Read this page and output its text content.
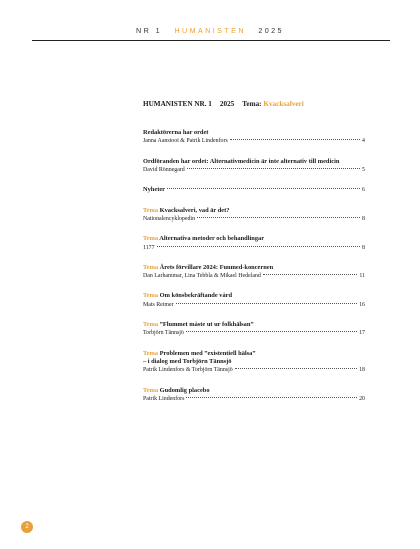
NR 1 HUMANISTEN 2025
HUMANISTEN NR. 1 2025 Tema: Kvacksalveri
Redaktörerna har ordet
Janna Aanstoot & Patrik Lindenfors	4
Ordföranden har ordet: Alternativmedicin är inte alternativ till medicin
David Rönnegard	5
Nyheter	6
Tema Kvacksalveri, vad är det?
Nationalencyklopedin	8
Tema Alternativa metoder och behandlingar
1177	8
Tema Årets förvillare 2024: Funmed-koncernen
Dan Larhammar, Lina Tebbla & Mikael Hedeland	11
Tema Om könsbekräftande vård
Mats Reimer	16
Tema ”Flummet måste ut ur folkhälsan”
Torbjörn Tännsjö	17
Tema Problemen med ”existentiell hälsa”
– i dialog med Torbjörn Tännsjö
Patrik Lindenfors & Torbjörn Tännsjö	18
Tema Gudomlig placebo
Patrik Lindenfors	20
2
